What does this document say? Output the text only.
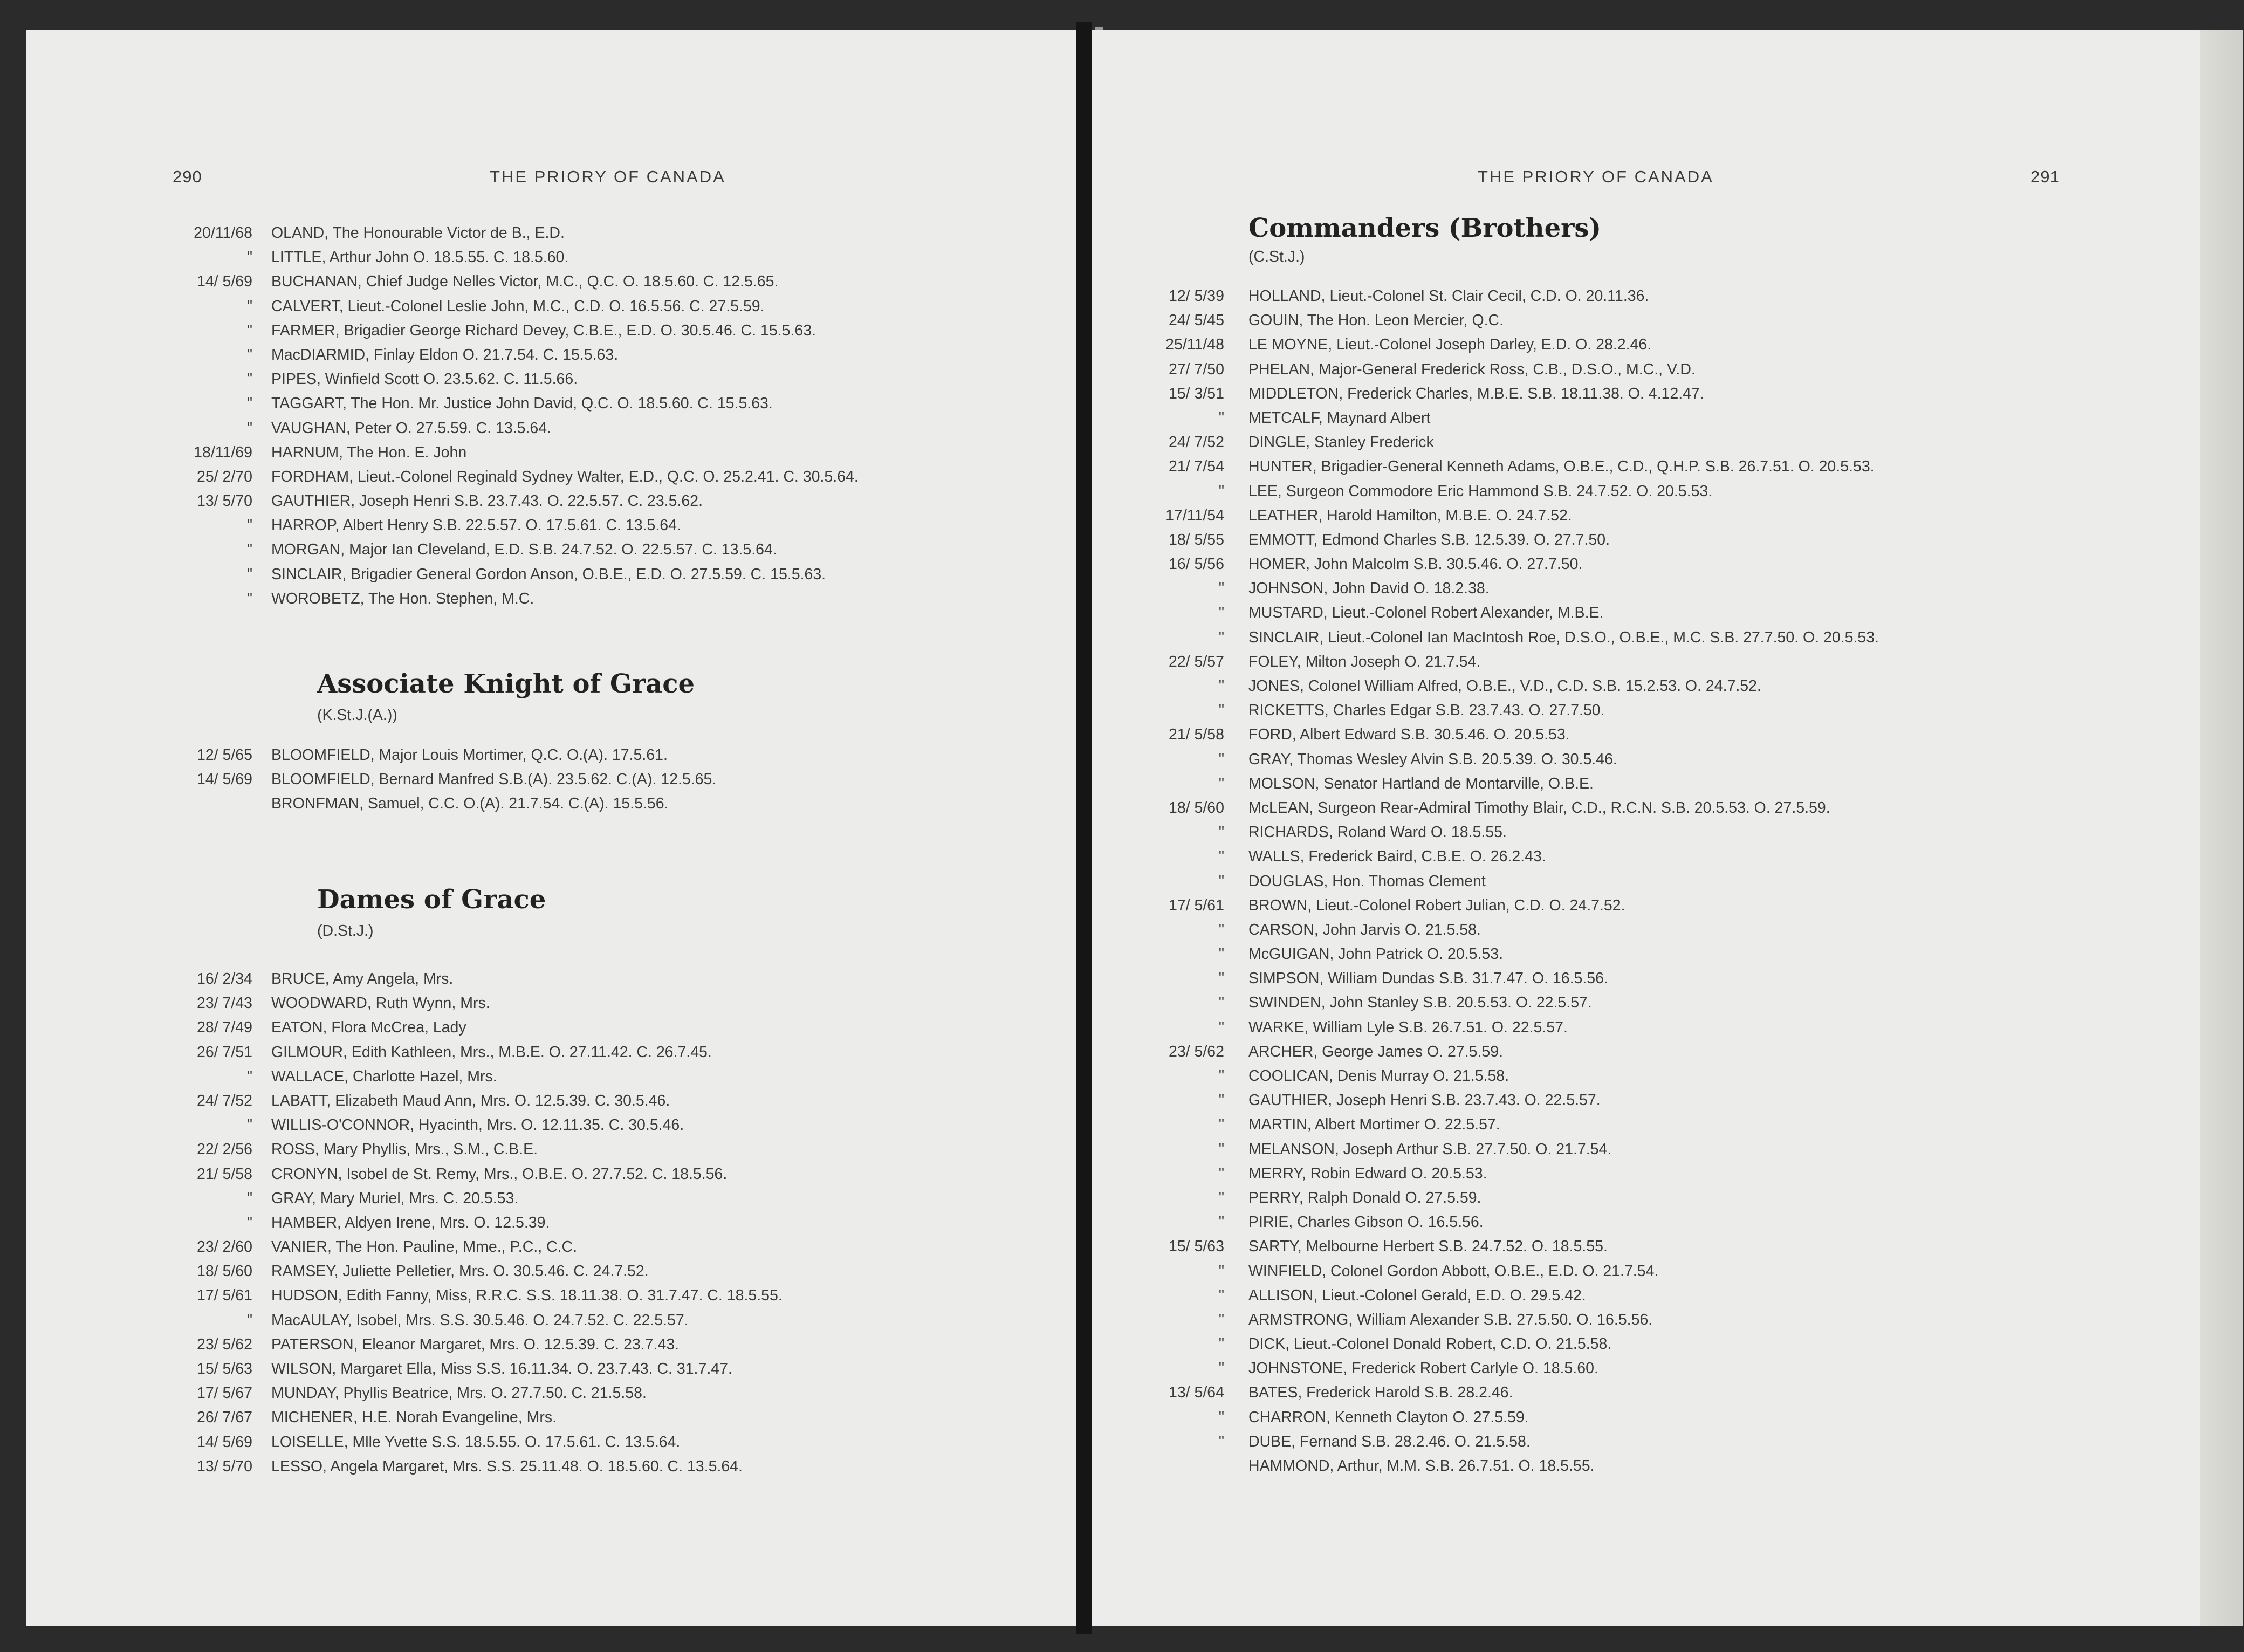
290	THE PRIORY OF CANADA
20/11/68 OLAND, The Honourable Victor de B., E.D.
" LITTLE, Arthur John O. 18.5.55. C. 18.5.60.
14/ 5/69 BUCHANAN, Chief Judge Nelles Victor, M.C., Q.C. O. 18.5.60. C. 12.5.65.
" CALVERT, Lieut.-Colonel Leslie John, M.C., C.D. O. 16.5.56. C. 27.5.59.
" FARMER, Brigadier George Richard Devey, C.B.E., E.D. O. 30.5.46. C. 15.5.63.
" MacDIARMID, Finlay Eldon O. 21.7.54. C. 15.5.63.
" PIPES, Winfield Scott O. 23.5.62. C. 11.5.66.
" TAGGART, The Hon. Mr. Justice John David, Q.C. O. 18.5.60. C. 15.5.63.
" VAUGHAN, Peter O. 27.5.59. C. 13.5.64.
18/11/69 HARNUM, The Hon. E. John
25/ 2/70 FORDHAM, Lieut.-Colonel Reginald Sydney Walter, E.D., Q.C. O. 25.2.41. C. 30.5.64.
13/ 5/70 GAUTHIER, Joseph Henri S.B. 23.7.43. O. 22.5.57. C. 23.5.62.
" HARROP, Albert Henry S.B. 22.5.57. O. 17.5.61. C. 13.5.64.
" MORGAN, Major Ian Cleveland, E.D. S.B. 24.7.52. O. 22.5.57. C. 13.5.64.
" SINCLAIR, Brigadier General Gordon Anson, O.B.E., E.D. O. 27.5.59. C. 15.5.63.
" WOROBETZ, The Hon. Stephen, M.C.
Associate Knight of Grace
(K.St.J.(A.))
12/ 5/65 BLOOMFIELD, Major Louis Mortimer, Q.C. O.(A). 17.5.61.
14/ 5/69 BLOOMFIELD, Bernard Manfred S.B.(A). 23.5.62. C.(A). 12.5.65.
BRONFMAN, Samuel, C.C. O.(A). 21.7.54. C.(A). 15.5.56.
Dames of Grace
(D.St.J.)
16/ 2/34 BRUCE, Amy Angela, Mrs.
23/ 7/43 WOODWARD, Ruth Wynn, Mrs.
28/ 7/49 EATON, Flora McCrea, Lady
26/ 7/51 GILMOUR, Edith Kathleen, Mrs., M.B.E. O. 27.11.42. C. 26.7.45.
" WALLACE, Charlotte Hazel, Mrs.
24/ 7/52 LABATT, Elizabeth Maud Ann, Mrs. O. 12.5.39. C. 30.5.46.
" WILLIS-O'CONNOR, Hyacinth, Mrs. O. 12.11.35. C. 30.5.46.
22/ 2/56 ROSS, Mary Phyllis, Mrs., S.M., C.B.E.
21/ 5/58 CRONYN, Isobel de St. Remy, Mrs., O.B.E. O. 27.7.52. C. 18.5.56.
" GRAY, Mary Muriel, Mrs. C. 20.5.53.
" HAMBER, Aldyen Irene, Mrs. O. 12.5.39.
23/ 2/60 VANIER, The Hon. Pauline, Mme., P.C., C.C.
18/ 5/60 RAMSEY, Juliette Pelletier, Mrs. O. 30.5.46. C. 24.7.52.
17/ 5/61 HUDSON, Edith Fanny, Miss, R.R.C. S.S. 18.11.38. O. 31.7.47. C. 18.5.55.
" MacAULAY, Isobel, Mrs. S.S. 30.5.46. O. 24.7.52. C. 22.5.57.
23/ 5/62 PATERSON, Eleanor Margaret, Mrs. O. 12.5.39. C. 23.7.43.
15/ 5/63 WILSON, Margaret Ella, Miss S.S. 16.11.34. O. 23.7.43. C. 31.7.47.
17/ 5/67 MUNDAY, Phyllis Beatrice, Mrs. O. 27.7.50. C. 21.5.58.
26/ 7/67 MICHENER, H.E. Norah Evangeline, Mrs.
14/ 5/69 LOISELLE, Mlle Yvette S.S. 18.5.55. O. 17.5.61. C. 13.5.64.
13/ 5/70 LESSO, Angela Margaret, Mrs. S.S. 25.11.48. O. 18.5.60. C. 13.5.64.
THE PRIORY OF CANADA	291
Commanders (Brothers)
(C.St.J.)
12/ 5/39 HOLLAND, Lieut.-Colonel St. Clair Cecil, C.D. O. 20.11.36.
24/ 5/45 GOUIN, The Hon. Leon Mercier, Q.C.
25/11/48 LE MOYNE, Lieut.-Colonel Joseph Darley, E.D. O. 28.2.46.
27/ 7/50 PHELAN, Major-General Frederick Ross, C.B., D.S.O., M.C., V.D.
15/ 3/51 MIDDLETON, Frederick Charles, M.B.E. S.B. 18.11.38. O. 4.12.47.
" METCALF, Maynard Albert
24/ 7/52 DINGLE, Stanley Frederick
21/ 7/54 HUNTER, Brigadier-General Kenneth Adams, O.B.E., C.D., Q.H.P. S.B. 26.7.51. O. 20.5.53.
" LEE, Surgeon Commodore Eric Hammond S.B. 24.7.52. O. 20.5.53.
17/11/54 LEATHER, Harold Hamilton, M.B.E. O. 24.7.52.
18/ 5/55 EMMOTT, Edmond Charles S.B. 12.5.39. O. 27.7.50.
16/ 5/56 HOMER, John Malcolm S.B. 30.5.46. O. 27.7.50.
" JOHNSON, John David O. 18.2.38.
" MUSTARD, Lieut.-Colonel Robert Alexander, M.B.E.
" SINCLAIR, Lieut.-Colonel Ian MacIntosh Roe, D.S.O., O.B.E., M.C. S.B. 27.7.50. O. 20.5.53.
22/ 5/57 FOLEY, Milton Joseph O. 21.7.54.
" JONES, Colonel William Alfred, O.B.E., V.D., C.D. S.B. 15.2.53. O. 24.7.52.
" RICKETTS, Charles Edgar S.B. 23.7.43. O. 27.7.50.
21/ 5/58 FORD, Albert Edward S.B. 30.5.46. O. 20.5.53.
" GRAY, Thomas Wesley Alvin S.B. 20.5.39. O. 30.5.46.
" MOLSON, Senator Hartland de Montarville, O.B.E.
18/ 5/60 McLEAN, Surgeon Rear-Admiral Timothy Blair, C.D., R.C.N. S.B. 20.5.53. O. 27.5.59.
" RICHARDS, Roland Ward O. 18.5.55.
" WALLS, Frederick Baird, C.B.E. O. 26.2.43.
" DOUGLAS, Hon. Thomas Clement
17/ 5/61 BROWN, Lieut.-Colonel Robert Julian, C.D. O. 24.7.52.
" CARSON, John Jarvis O. 21.5.58.
" McGUIGAN, John Patrick O. 20.5.53.
" SIMPSON, William Dundas S.B. 31.7.47. O. 16.5.56.
" SWINDEN, John Stanley S.B. 20.5.53. O. 22.5.57.
" WARKE, William Lyle S.B. 26.7.51. O. 22.5.57.
23/ 5/62 ARCHER, George James O. 27.5.59.
" COOLICAN, Denis Murray O. 21.5.58.
" GAUTHIER, Joseph Henri S.B. 23.7.43. O. 22.5.57.
" MARTIN, Albert Mortimer O. 22.5.57.
" MELANSON, Joseph Arthur S.B. 27.7.50. O. 21.7.54.
" MERRY, Robin Edward O. 20.5.53.
" PERRY, Ralph Donald O. 27.5.59.
" PIRIE, Charles Gibson O. 16.5.56.
15/ 5/63 SARTY, Melbourne Herbert S.B. 24.7.52. O. 18.5.55.
" WINFIELD, Colonel Gordon Abbott, O.B.E., E.D. O. 21.7.54.
" ALLISON, Lieut.-Colonel Gerald, E.D. O. 29.5.42.
" ARMSTRONG, William Alexander S.B. 27.5.50. O. 16.5.56.
" DICK, Lieut.-Colonel Donald Robert, C.D. O. 21.5.58.
" JOHNSTONE, Frederick Robert Carlyle O. 18.5.60.
13/ 5/64 BATES, Frederick Harold S.B. 28.2.46.
" CHARRON, Kenneth Clayton O. 27.5.59.
" DUBE, Fernand S.B. 28.2.46. O. 21.5.58.
HAMMOND, Arthur, M.M. S.B. 26.7.51. O. 18.5.55.
